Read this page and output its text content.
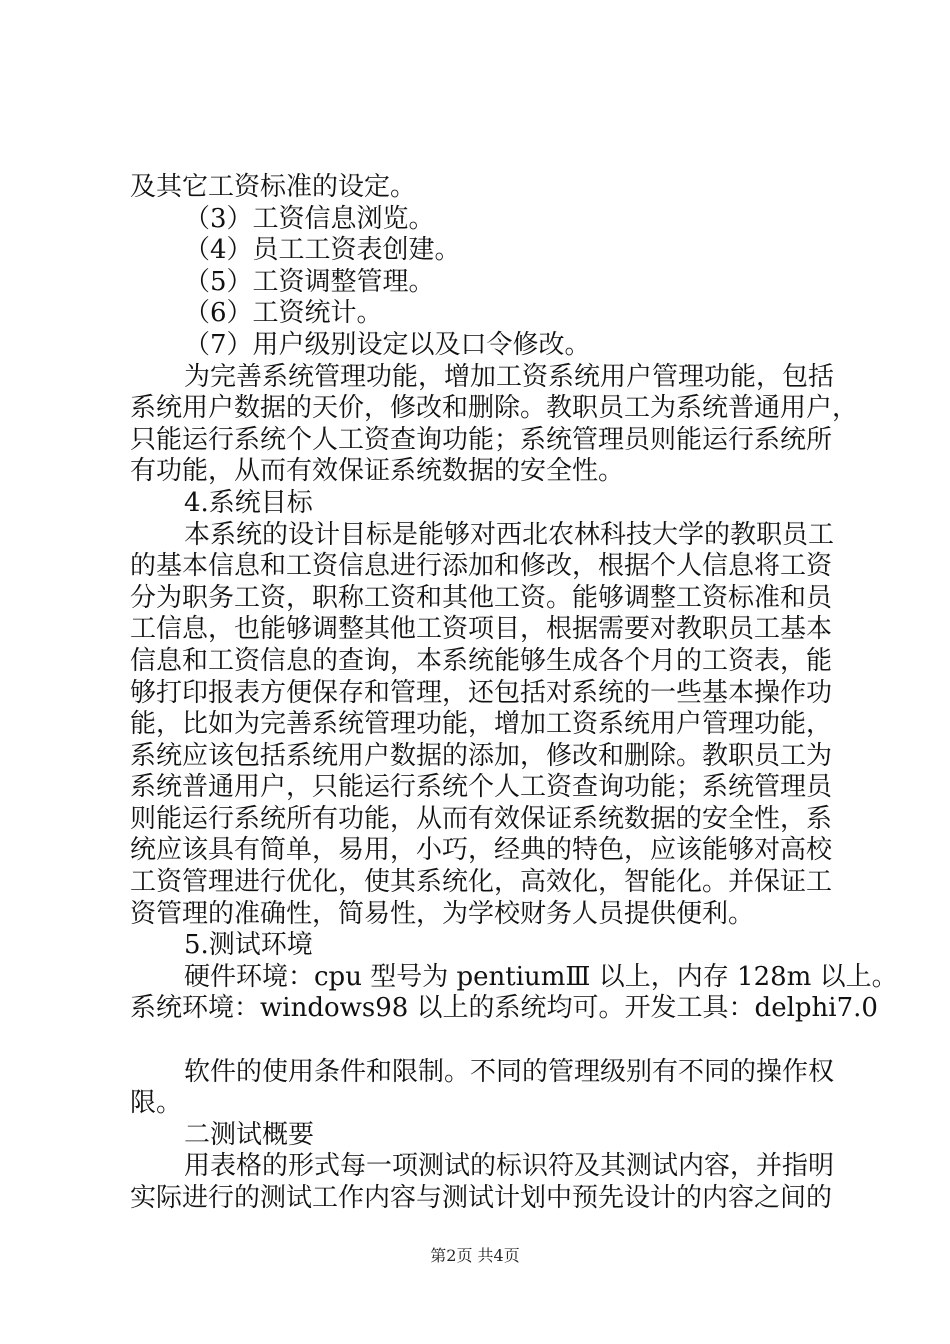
及其它工资标准的设定。
（3）工资信息浏览。
（4）员工工资表创建。
（5）工资调整管理。
（6）工资统计。
（7）用户级别设定以及口令修改。
为完善系统管理功能，增加工资系统用户管理功能，包括
系统用户数据的天价，修改和删除。教职员工为系统普通用户，
只能运行系统个人工资查询功能；系统管理员则能运行系统所
有功能，从而有效保证系统数据的安全性。
4.系统目标
本系统的设计目标是能够对西北农林科技大学的教职员工
的基本信息和工资信息进行添加和修改，根据个人信息将工资
分为职务工资，职称工资和其他工资。能够调整工资标准和员
工信息，也能够调整其他工资项目，根据需要对教职员工基本
信息和工资信息的查询，本系统能够生成各个月的工资表，能
够打印报表方便保存和管理，还包括对系统的一些基本操作功
能，比如为完善系统管理功能，增加工资系统用户管理功能，
系统应该包括系统用户数据的添加，修改和删除。教职员工为
系统普通用户，只能运行系统个人工资查询功能；系统管理员
则能运行系统所有功能，从而有效保证系统数据的安全性，系
统应该具有简单，易用，小巧，经典的特色，应该能够对高校
工资管理进行优化，使其系统化，高效化，智能化。并保证工
资管理的准确性，简易性，为学校财务人员提供便利。
5.测试环境
硬件环境：cpu 型号为 pentiumⅢ 以上，内存 128m 以上。
系统环境：windows98 以上的系统均可。开发工具：delphi7.0
软件的使用条件和限制。不同的管理级别有不同的操作权
限。
二测试概要
用表格的形式每一项测试的标识符及其测试内容，并指明
实际进行的测试工作内容与测试计划中预先设计的内容之间的
第2页 共4页
